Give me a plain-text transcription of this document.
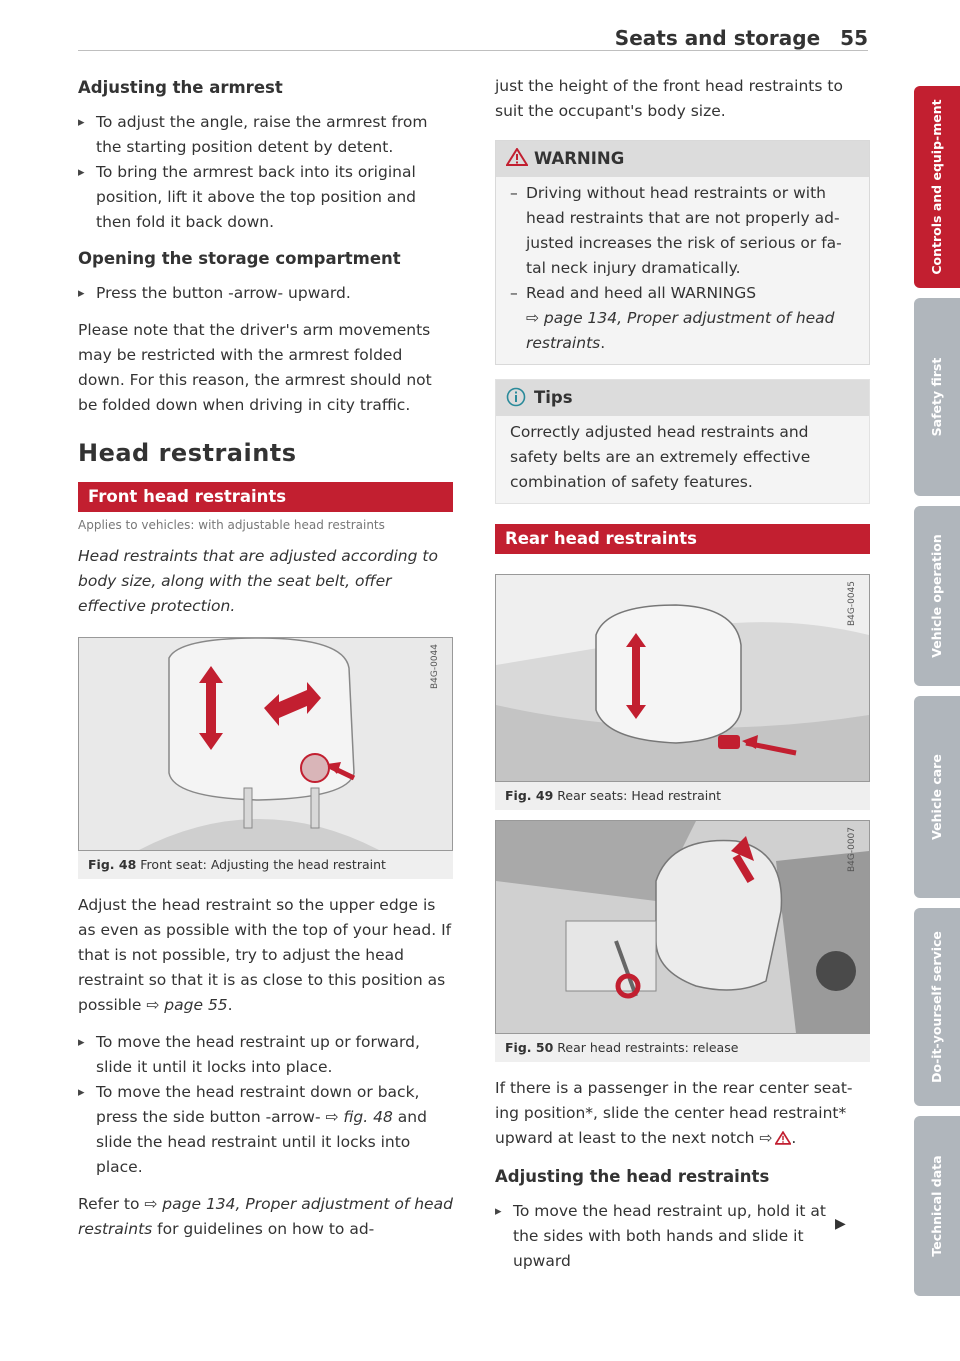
Seats and storage 55
Adjusting the armrest

▸ To adjust the angle, raise the armrest from the starting position detent by detent.

▸ To bring the armrest back into its original position, lift it above the top position and then fold it back down.

Opening the storage compartment

▸ Press the button -arrow- upward.

Please note that the driver's arm movements may be restricted with the armrest folded down. For this reason, the armrest should not be folded down when driving in city traffic.

Head restraints
Front head restraints
Applies to vehicles: with adjustable head restraints

Head restraints that are adjusted according to body size, along with the seat belt, offer effective protection.

B4G-0044
Fig. 48 Front seat: Adjusting the head restraint

Adjust the head restraint so the upper edge is as even as possible with the top of your head. If that is not possible, try to adjust the head restraint so that it is as close to this position as possible ⇨ page 55.

▸ To move the head restraint up or forward, slide it until it locks into place.

▸ To move the head restraint down or back, press the side button -arrow- ⇨ fig. 48 and slide the head restraint until it locks into place.

Refer to ⇨ page 134, Proper adjustment of head restraints for guidelines on how to ad-

just the height of the front head restraints to suit the occupant's body size.

WARNING

– Driving without head restraints or with head restraints that are not properly ad-justed increases the risk of serious or fa-tal neck injury dramatically.

– Read and heed all WARNINGS
⇨ page 134, Proper adjustment of head restraints.

Tips
Correctly adjusted head restraints and safety belts are an extremely effective combination of safety features.
Rear head restraints
B4G-0045
Fig. 49 Rear seats: Head restraint
B4G-0007
Fig. 50 Rear head restraints: release

If there is a passenger in the rear center seat-ing position*, slide the center head restraint* upward at least to the next notch ⇨ .

Adjusting the head restraints

▸ To move the head restraint up, hold it at the sides with both hands and slide it upward

▶
Controls and equip-ment
Safety first
Vehicle operation
Vehicle care
Do-it-yourself service
Technical data
